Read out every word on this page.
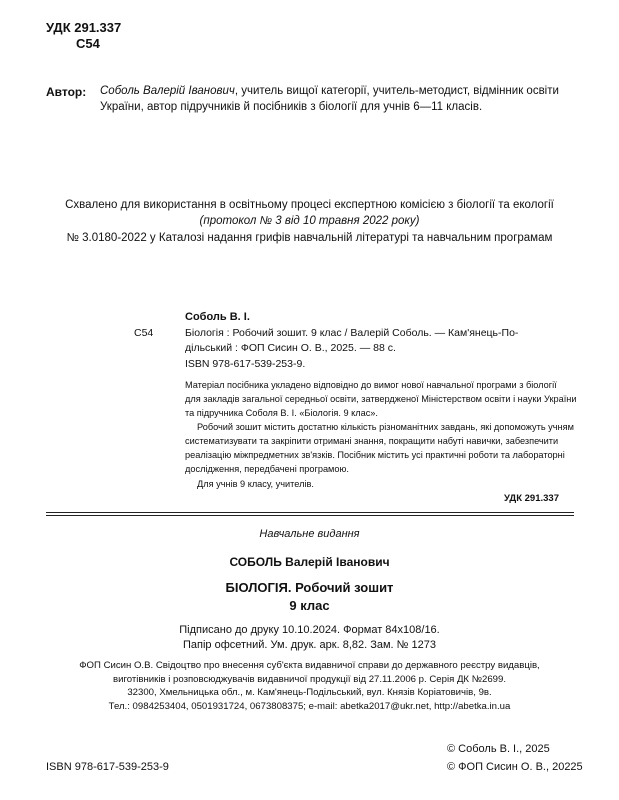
УДК 291.337
С54
Автор: Соболь Валерій Іванович, учитель вищої категорії, учитель-методист, відмінник освіти
України, автор підручників й посібників з біології для учнів 6—11 класів.
Схвалено для використання в освітньому процесі експертною комісією з біології та екології
(протокол № 3 від 10 травня 2022 року)
№ 3.0180-2022 у Каталозі надання грифів навчальній літературі та навчальним програмам
Соболь В. І.
С54	Біологія : Робочий зошит. 9 клас / Валерій Соболь. — Кам'янець-По-
дільський : ФОП Сисин О. В., 2025. — 88 с.
ISBN 978-617-539-253-9.
Матеріал посібника укладено відповідно до вимог нової навчальної програми з біології
для закладів загальної середньої освіти, затвердженої Міністерством освіти і науки України
та підручника Соболя В. І. «Біологія. 9 клас».
Робочий зошит містить достатню кількість різноманітних завдань, які допоможуть учням
систематизувати та закріпити отримані знання, покращити набуті навички, забезпечити
реалізацію міжпредметних зв'язків. Посібник містить усі практичні роботи та лабораторні
дослідження, передбачені програмою.
Для учнів 9 класу, учителів.
УДК 291.337
Навчальне видання
СОБОЛЬ Валерій Іванович
БІОЛОГІЯ. Робочий зошит
9 клас
Підписано до друку 10.10.2024. Формат 84х108/16.
Папір офсетний. Ум. друк. арк. 8,82. Зам. № 1273
ФОП Сисин О.В. Свідоцтво про внесення суб'єкта видавничої справи до державного реєстру видавців,
виготівників і розповсюджувачів видавничої продукції від 27.11.2006 р. Серія ДК №2699.
32300, Хмельницька обл., м. Кам'янець-Подільський, вул. Князів Коріатовичів, 9в.
Тел.: 0984253404, 0501931724, 0673808375; e-mail: abetka2017@ukr.net, http://abetka.in.ua
ISBN 978-617-539-253-9
© Соболь В. І., 2025
© ФОП Сисин О. В., 20225
